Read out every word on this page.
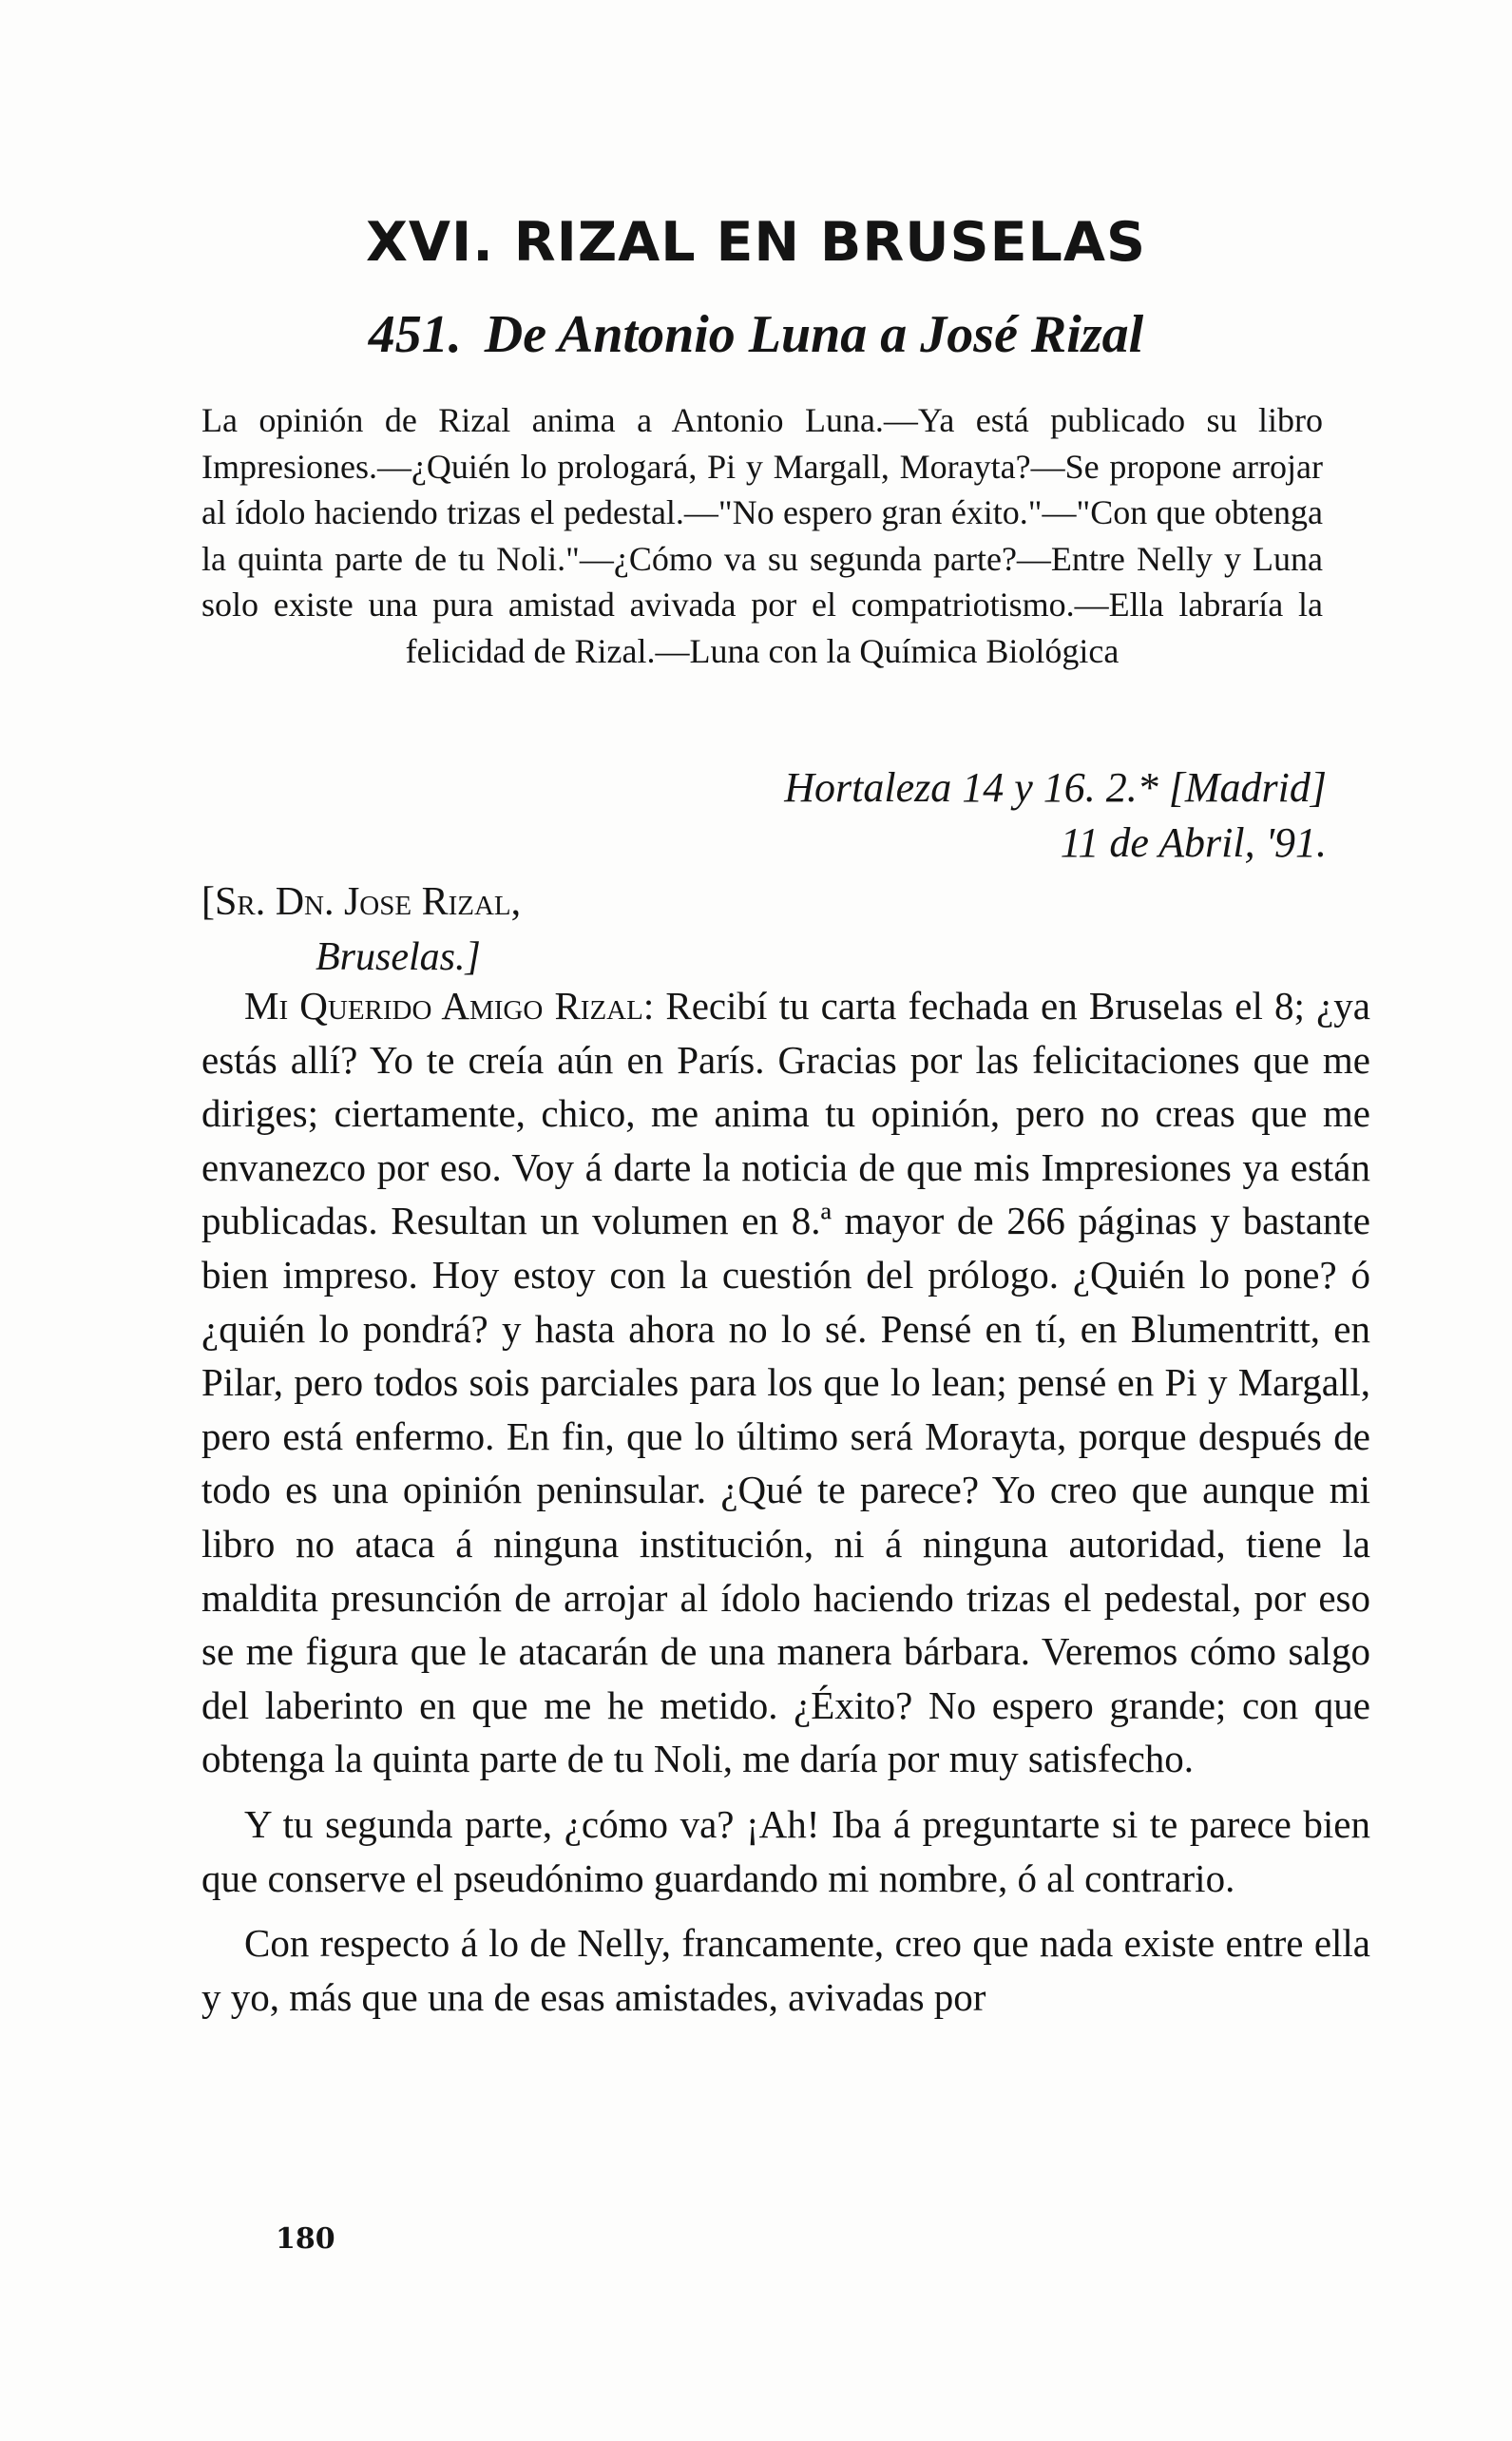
XVI. RIZAL EN BRUSELAS
451. De Antonio Luna a José Rizal

La opinión de Rizal anima a Antonio Luna.—Ya está publicado su libro Impresiones.—¿Quién lo prologará, Pi y Margall, Morayta?—Se propone arrojar al ídolo haciendo trizas el pedestal.—"No espero gran éxito."—"Con que obtenga la quinta parte de tu Noli."—¿Cómo va su segunda parte?—Entre Nelly y Luna solo existe una pura amistad avivada por el compatriotismo.—Ella labraría la felicidad de Rizal.—Luna con la Química Biológica

Hortaleza 14 y 16. 2.* [Madrid]
11 de Abril, '91.
[Sr. Dn. Jose Rizal,
Bruselas.]

Mi Querido Amigo Rizal: Recibí tu carta fechada en Bruselas el 8; ¿ya estás allí? Yo te creía aún en París. Gracias por las felicitaciones que me diriges; ciertamente, chico, me anima tu opinión, pero no creas que me envanezco por eso. Voy á darte la noticia de que mis Impresiones ya están publicadas. Resultan un volumen en 8.ª mayor de 266 páginas y bastante bien impreso. Hoy estoy con la cuestión del prólogo. ¿Quién lo pone? ó ¿quién lo pondrá? y hasta ahora no lo sé. Pensé en tí, en Blumentritt, en Pilar, pero todos sois parciales para los que lo lean; pensé en Pi y Margall, pero está enfermo. En fin, que lo último será Morayta, porque después de todo es una opinión peninsular. ¿Qué te parece? Yo creo que aunque mi libro no ataca á ninguna institución, ni á ninguna autoridad, tiene la maldita presunción de arrojar al ídolo haciendo trizas el pedestal, por eso se me figura que le atacarán de una manera bárbara. Veremos cómo salgo del laberinto en que me he metido. ¿Éxito? No espero grande; con que obtenga la quinta parte de tu Noli, me daría por muy satisfecho.

Y tu segunda parte, ¿cómo va? ¡Ah! Iba á preguntarte si te parece bien que conserve el pseudónimo guardando mi nombre, ó al contrario.

Con respecto á lo de Nelly, francamente, creo que nada existe entre ella y yo, más que una de esas amistades, avivadas por

180
